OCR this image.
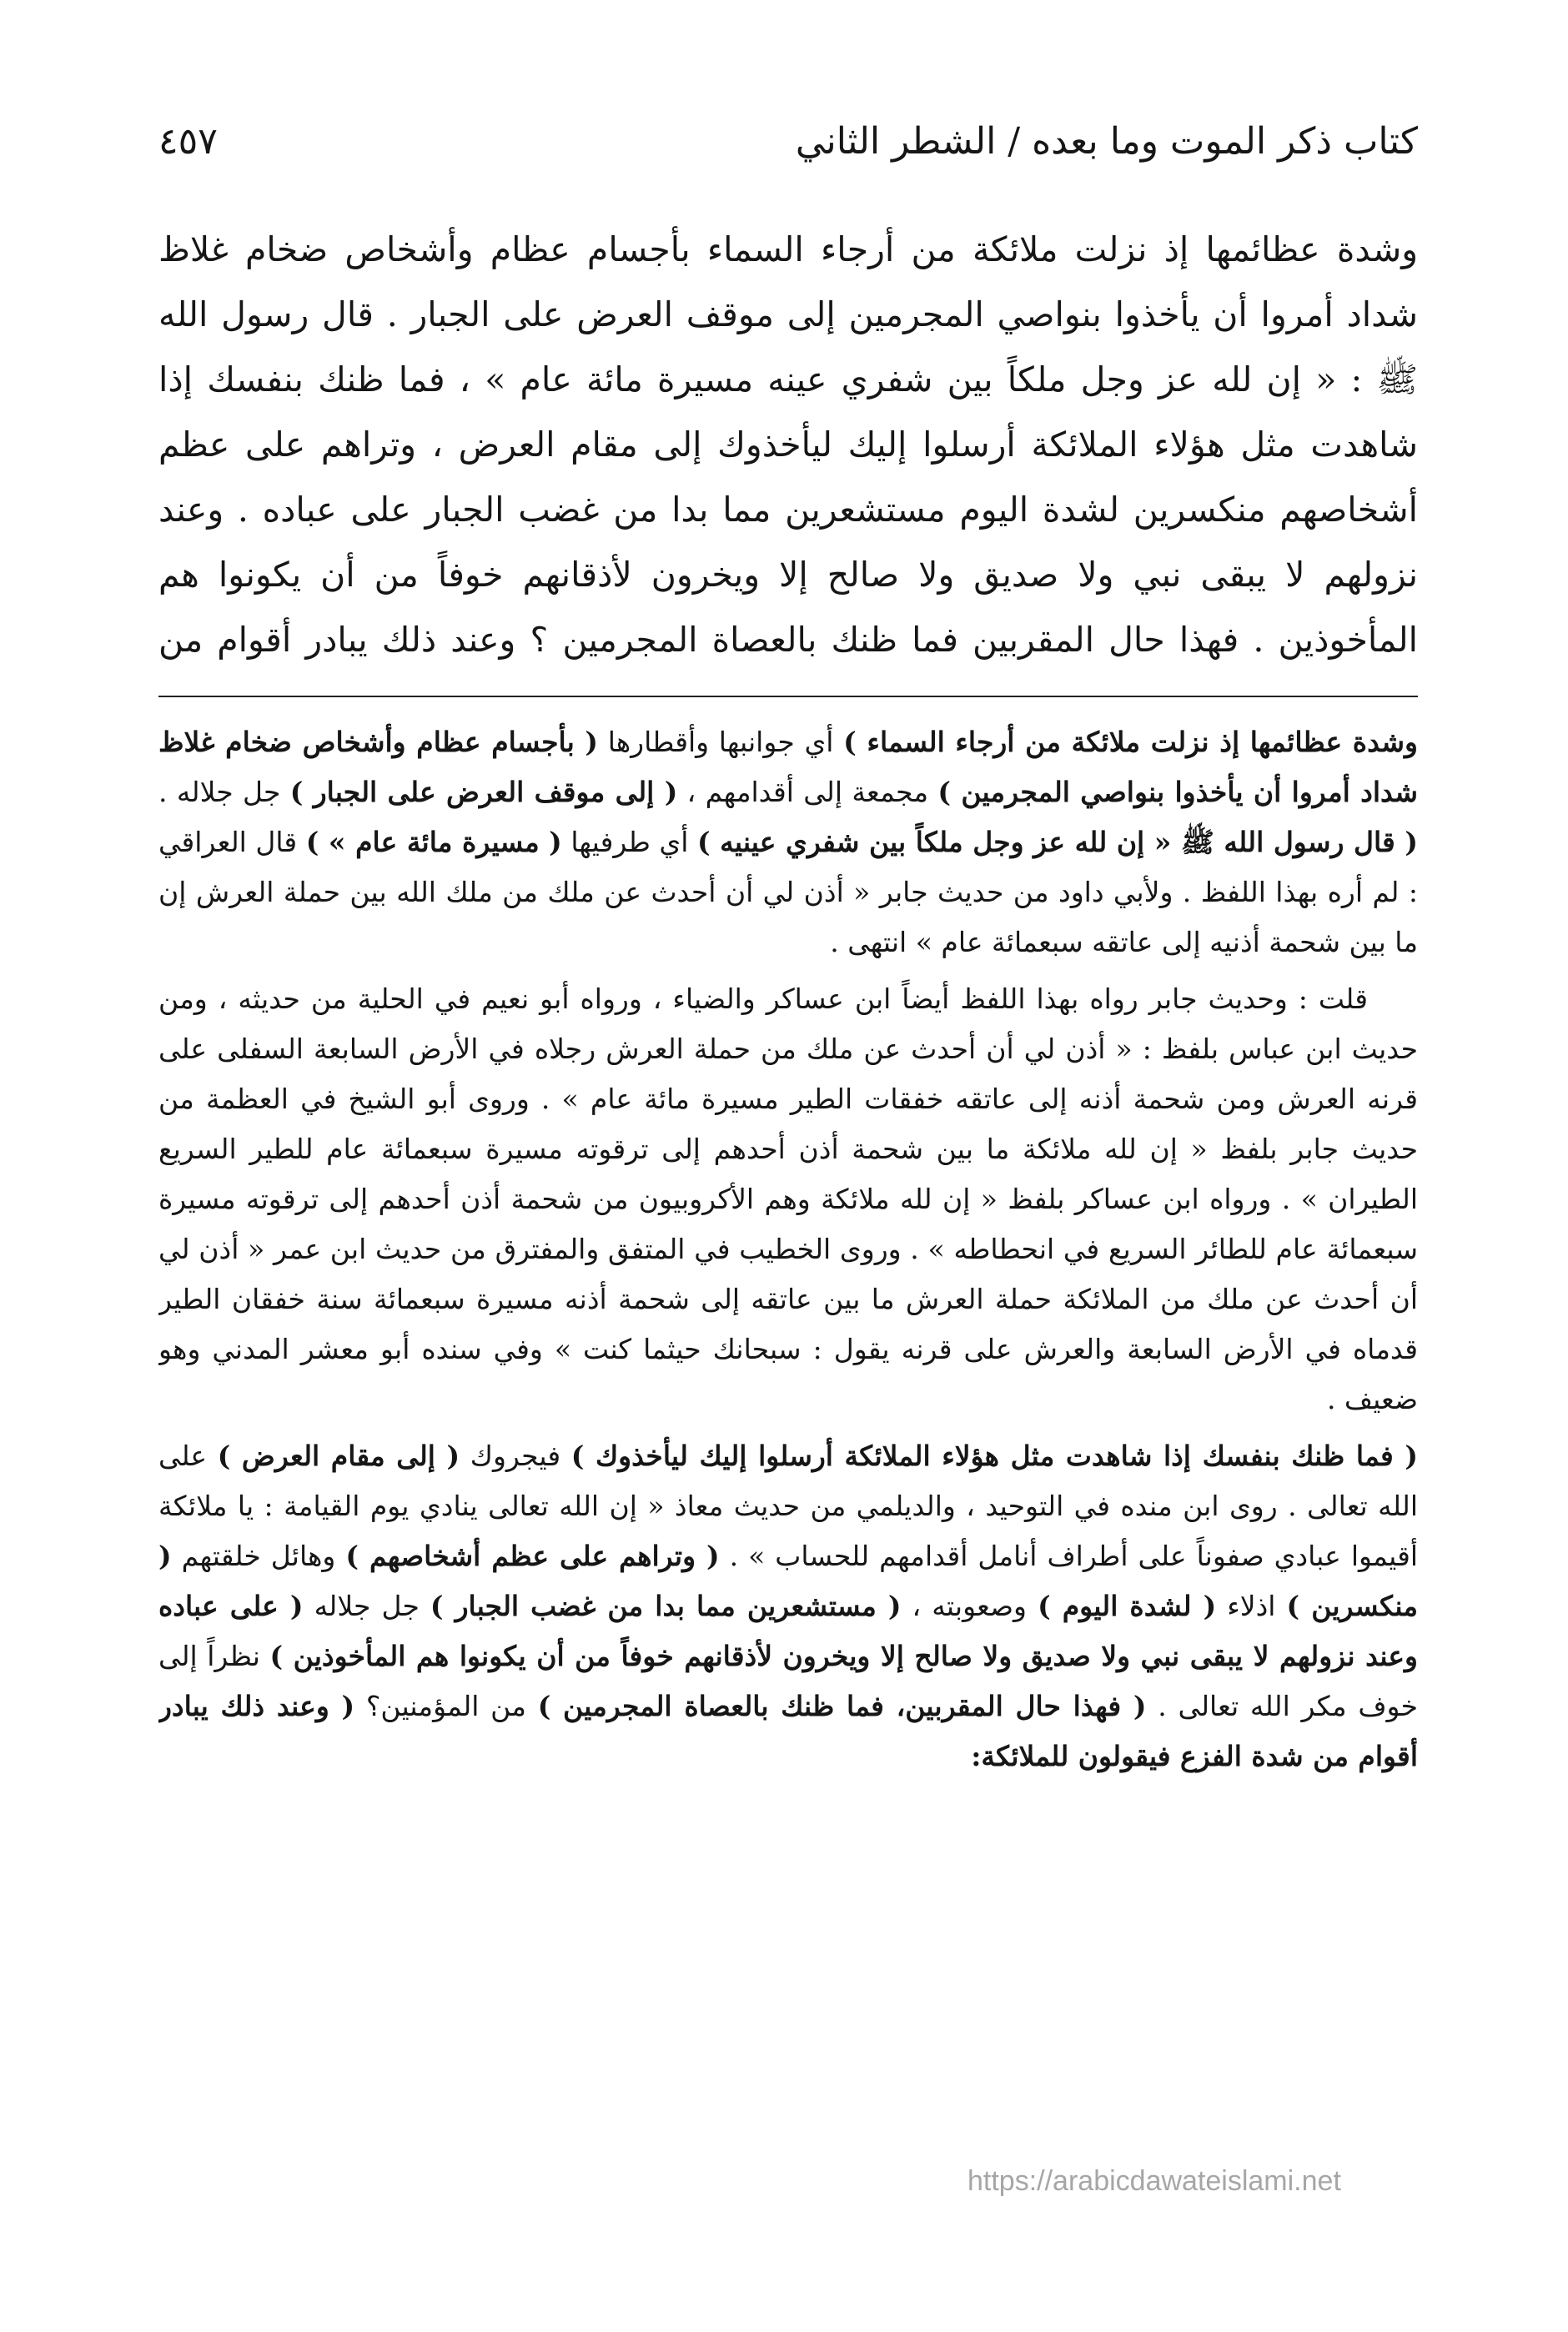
كتاب ذكر الموت وما بعده / الشطر الثاني
٤٥٧

وشدة عظائمها إذ نزلت ملائكة من أرجاء السماء بأجسام عظام وأشخاص ضخام غلاظ شداد أمروا أن يأخذوا بنواصي المجرمين إلى موقف العرض على الجبار . قال رسول الله ﷺ : « إن لله عز وجل ملكاً بين شفري عينه مسيرة مائة عام » ، فما ظنك بنفسك إذا شاهدت مثل هؤلاء الملائكة أرسلوا إليك ليأخذوك إلى مقام العرض ، وتراهم على عظم أشخاصهم منكسرين لشدة اليوم مستشعرين مما بدا من غضب الجبار على عباده . وعند نزولهم لا يبقى نبي ولا صديق ولا صالح إلا ويخرون لأذقانهم خوفاً من أن يكونوا هم المأخوذين . فهذا حال المقربين فما ظنك بالعصاة المجرمين ؟ وعند ذلك يبادر أقوام من

وشدة عظائمها إذ نزلت ملائكة من أرجاء السماء ) أي جوانبها وأقطارها ( بأجسام عظام وأشخاص ضخام غلاظ شداد أمروا أن يأخذوا بنواصي المجرمين ) مجمعة إلى أقدامهم ، ( إلى موقف العرض على الجبار ) جل جلاله . ( قال رسول الله ﷺ « إن لله عز وجل ملكاً بين شفري عينيه ) أي طرفيها ( مسيرة مائة عام » ) قال العراقي : لم أره بهذا اللفظ . ولأبي داود من حديث جابر « أذن لي أن أحدث عن ملك من ملك الله بين حملة العرش إن ما بين شحمة أذنيه إلى عاتقه سبعمائة عام » انتهى .

قلت : وحديث جابر رواه بهذا اللفظ أيضاً ابن عساكر والضياء ، ورواه أبو نعيم في الحلية من حديثه ، ومن حديث ابن عباس بلفظ : « أذن لي أن أحدث عن ملك من حملة العرش رجلاه في الأرض السابعة السفلى على قرنه العرش ومن شحمة أذنه إلى عاتقه خفقات الطير مسيرة مائة عام » . وروى أبو الشيخ في العظمة من حديث جابر بلفظ « إن لله ملائكة ما بين شحمة أذن أحدهم إلى ترقوته مسيرة سبعمائة عام للطير السريع الطيران » . ورواه ابن عساكر بلفظ « إن لله ملائكة وهم الأكروبيون من شحمة أذن أحدهم إلى ترقوته مسيرة سبعمائة عام للطائر السريع في انحطاطه » . وروى الخطيب في المتفق والمفترق من حديث ابن عمر « أذن لي أن أحدث عن ملك من الملائكة حملة العرش ما بين عاتقه إلى شحمة أذنه مسيرة سبعمائة سنة خفقان الطير قدماه في الأرض السابعة والعرش على قرنه يقول : سبحانك حيثما كنت » وفي سنده أبو معشر المدني وهو ضعيف .

( فما ظنك بنفسك إذا شاهدت مثل هؤلاء الملائكة أرسلوا إليك ليأخذوك ) فيجروك ( إلى مقام العرض ) على الله تعالى . روى ابن منده في التوحيد ، والديلمي من حديث معاذ « إن الله تعالى ينادي يوم القيامة : يا ملائكة أقيموا عبادي صفوناً على أطراف أنامل أقدامهم للحساب » . ( وتراهم على عظم أشخاصهم ) وهائل خلقتهم ( منكسرين ) اذلاء ( لشدة اليوم ) وصعوبته ، ( مستشعرين مما بدا من غضب الجبار ) جل جلاله ( على عباده وعند نزولهم لا يبقى نبي ولا صديق ولا صالح إلا ويخرون لأذقانهم خوفاً من أن يكونوا هم المأخوذين ) نظراً إلى خوف مكر الله تعالى . ( فهذا حال المقربين، فما ظنك بالعصاة المجرمين ) من المؤمنين؟ ( وعند ذلك يبادر أقوام من شدة الفزع فيقولون للملائكة:

https://arabicdawateislami.net
